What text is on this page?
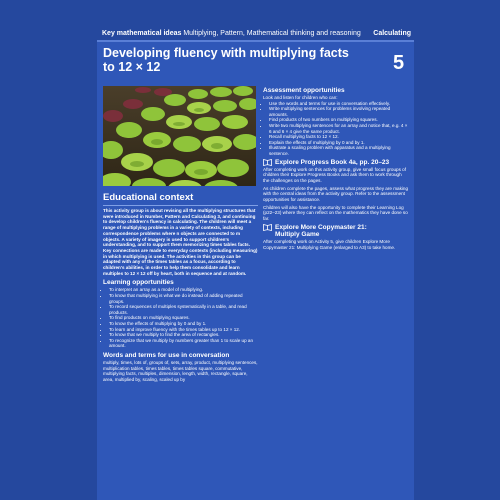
Key mathematical ideas Multiplying, Pattern, Mathematical thinking and reasoning Calculating
Developing fluency with multiplying facts to 12 × 12	5
Educational context

This activity group is about revising all the multiplying structures that were introduced in Number, Pattern and Calculating 3, and continuing to develop children's fluency in calculating. The children will meet a range of multiplying problems in a variety of contexts, including correspondence problems where n objects are connected to m objects. A variety of imagery is used to support children's understanding, and to support them memorizing times tables facts. Key connections are made to everyday contexts (including measuring) in which multiplying is used. The activities in this group can be adapted with any of the times tables as a focus, according to children's abilities, in order to help them consolidate and learn multiples to 12 × 12 off by heart, both in sequence and at random.

Learning opportunities
• To interpret an array as a model of multiplying.
• To know that multiplying is what we do instead of adding repeated groups.
• To record sequences of multiples systematically in a table, and read products.
• To find products on multiplying squares.
• To know the effects of multiplying by 0 and by 1.
• To learn and improve fluency with the times tables up to 12 × 12.
• To know that we multiply to find the area of rectangles.
• To recognize that we multiply by numbers greater than 1 to scale up an amount.
Words and terms for use in conversation

multiply, times, lots of, groups of, sets, array, product, multiplying sentences, multiplication tables, times tables, times tables square, commutative, multiplying facts, multiples, dimension, length, width, rectangle, square, area, multiplied by, scaling, scaled up by

Assessment opportunities

Look and listen for children who can:

• Use the words and terms for use in conversation effectively.
• Write multiplying sentences for problems involving repeated amounts.
• Find products of two numbers on multiplying squares.
• Write two multiplying sentences for an array and notice that, e.g. 4 × 6 and 6 × 4 give the same product.
• Recall multiplying facts to 12 × 12.
• Explain the effects of multiplying by 0 and by 1.
• Illustrate a scaling problem with apparatus and a multiplying sentence.
Explore Progress Book 4a, pp. 20–23

After completing work on this activity group, give small focus groups of children their Explore Progress Books and ask them to work through the challenges on the pages.

As children complete the pages, assess what progress they are making with the central ideas from the activity group. Refer to the assessment opportunities for assistance.

Children will also have the opportunity to complete their Learning Log (p22–23) where they can reflect on the mathematics they have done so far.

Explore More Copymaster 21:
Multiply Game

After completing work on Activity 5, give children Explore More Copymaster 21: Multiplying Game (enlarged to A3) to take home.
